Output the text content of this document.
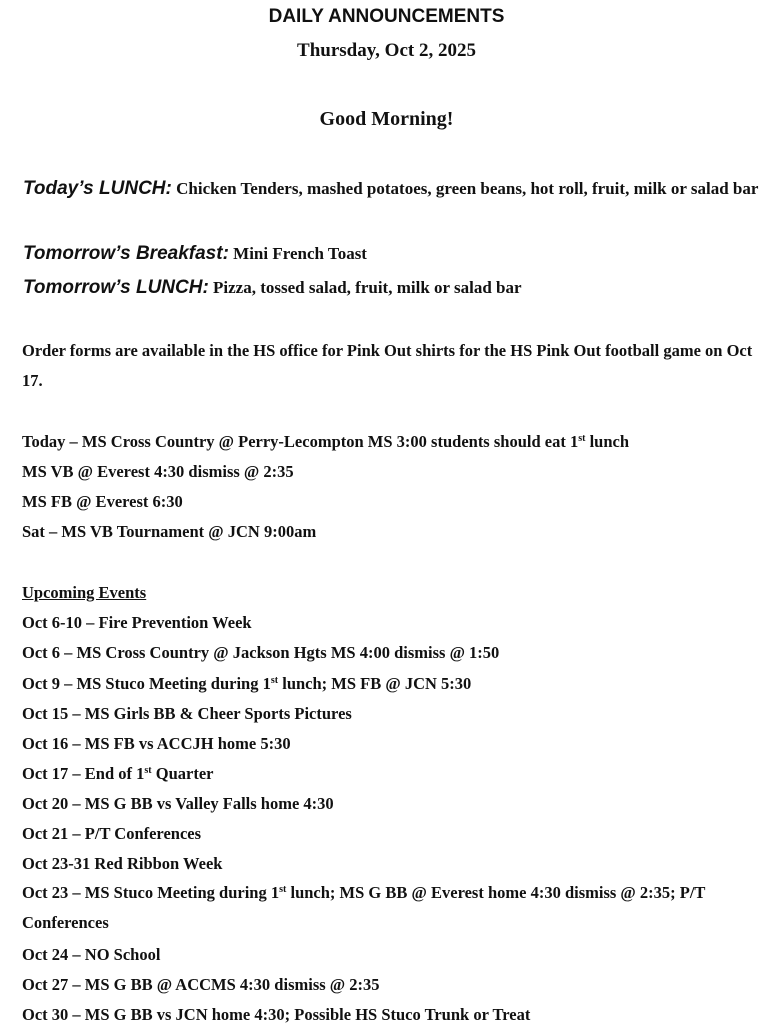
DAILY ANNOUNCEMENTS
Thursday, Oct 2, 2025
Good Morning!
Today’s LUNCH: Chicken Tenders, mashed potatoes, green beans, hot roll, fruit, milk or salad bar
Tomorrow’s Breakfast: Mini French Toast
Tomorrow’s LUNCH: Pizza, tossed salad, fruit, milk or salad bar
Order forms are available in the HS office for Pink Out shirts for the HS Pink Out football game on Oct 17.
Today – MS Cross Country @ Perry-Lecompton MS 3:00 students should eat 1st lunch
MS VB @ Everest 4:30 dismiss @ 2:35
MS FB @ Everest 6:30
Sat – MS VB Tournament @ JCN 9:00am
Upcoming Events
Oct 6-10 – Fire Prevention Week
Oct 6 – MS Cross Country @ Jackson Hgts MS 4:00 dismiss @ 1:50
Oct 9 – MS Stuco Meeting during 1st lunch; MS FB @ JCN 5:30
Oct 15 – MS Girls BB & Cheer Sports Pictures
Oct 16 – MS FB vs ACCJH home 5:30
Oct 17 – End of 1st Quarter
Oct 20 – MS G BB vs Valley Falls home 4:30
Oct 21 – P/T Conferences
Oct 23-31 Red Ribbon Week
Oct 23 – MS Stuco Meeting during 1st lunch; MS G BB @ Everest home 4:30 dismiss @ 2:35; P/T Conferences
Oct 24 – NO School
Oct 27 – MS G BB @ ACCMS 4:30 dismiss @ 2:35
Oct 30 – MS G BB vs JCN home 4:30; Possible HS Stuco Trunk or Treat
